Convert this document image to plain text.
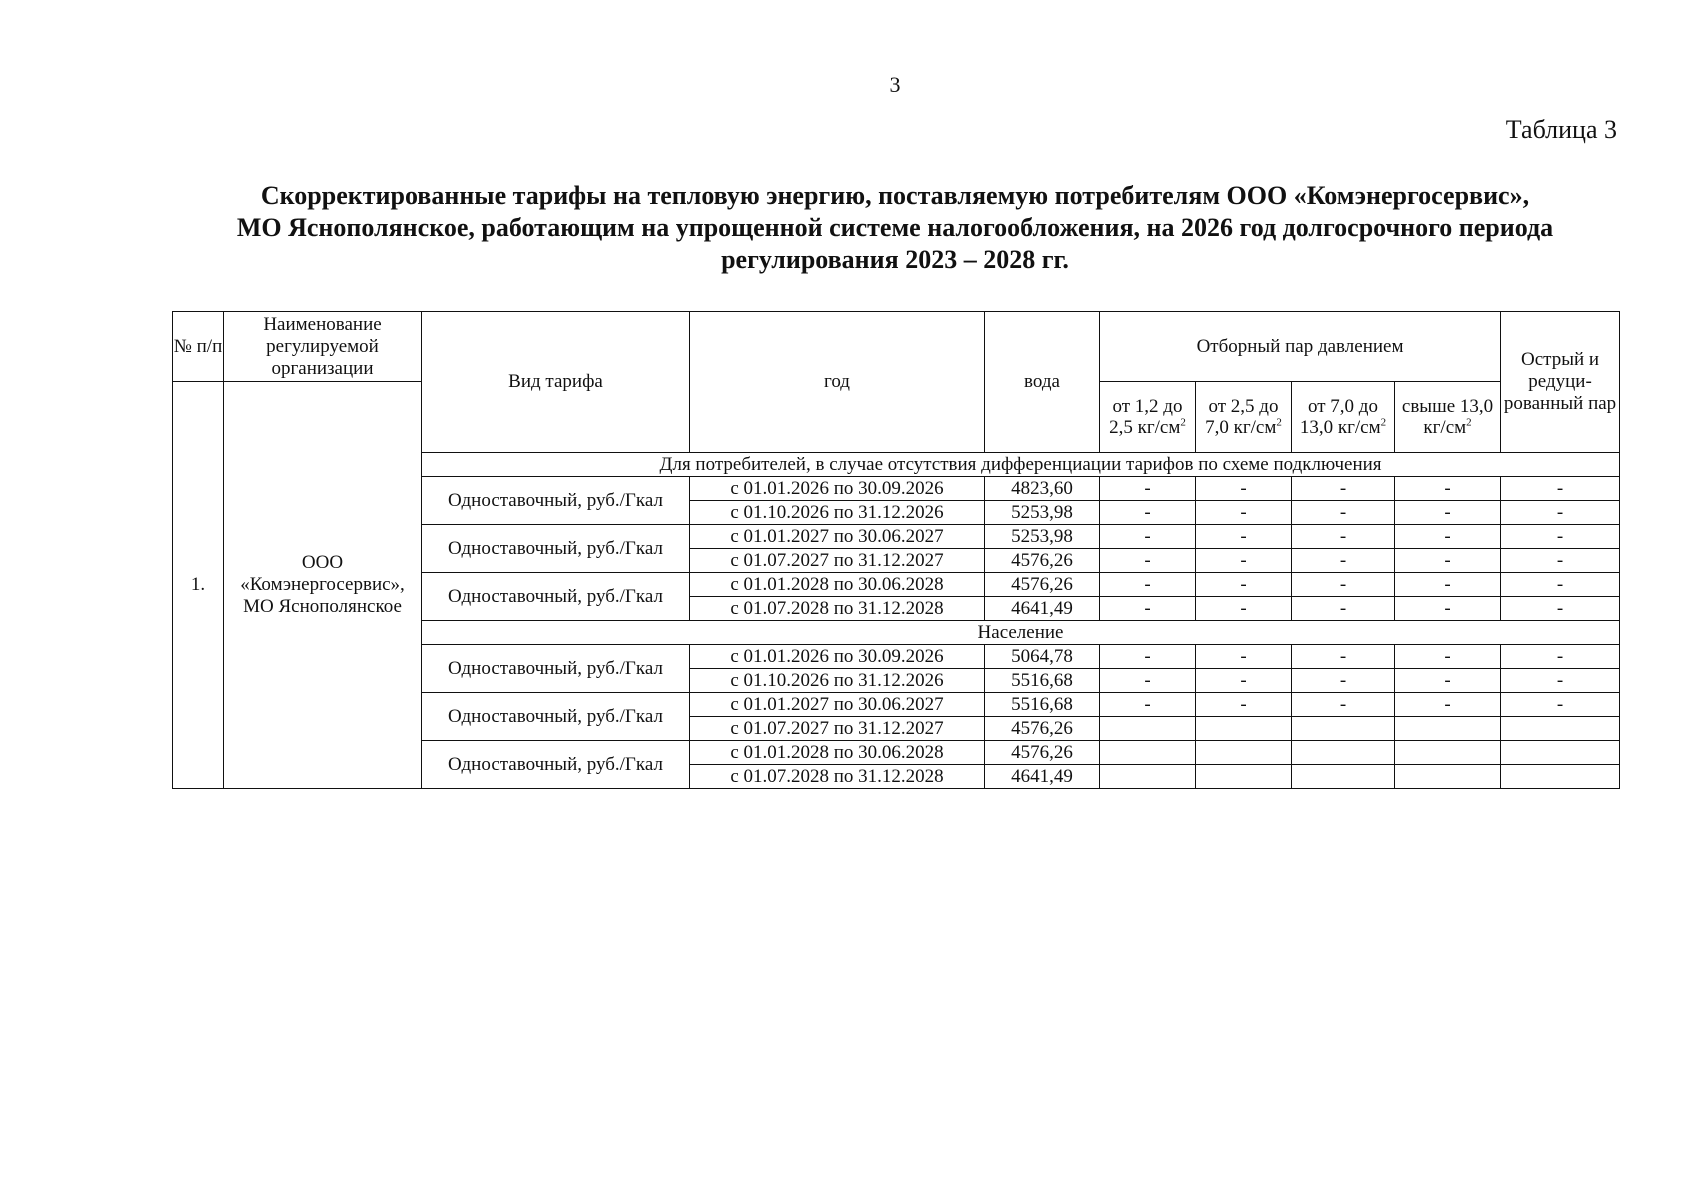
3
Таблица 3
Скорректированные тарифы на тепловую энергию, поставляемую потребителям ООО «Комэнергосервис»,
МО Яснополянское, работающим на упрощенной системе налогообложения, на 2026 год долгосрочного периода
регулирования 2023 – 2028 гг.
№ п/п	Наименование регулируемой организации	Вид тарифа	год	вода	Отборный пар давлением				Острый и редуци-рованный пар
1.	ООО «Комэнергосервис», МО Яснополянское				от 1,2 до 2,5 $кг/см^2$	от 2,5 до 7,0 $кг/см^2$	от 7,0 до 13,0 $кг/см^2$	свыше 13,0 $кг/см^2$
		Для потребителей, в случае отсутствия дифференциации тарифов по схеме подключения							
		Одноставочный, руб./Гкал	с 01.01.2026 по 30.09.2026	4823,60	-	-	-	-	-
			с 01.10.2026 по 31.12.2026	5253,98	-	-	-	-	-
		Одноставочный, руб./Гкал	с 01.01.2027 по 30.06.2027	5253,98	-	-	-	-	-
			с 01.07.2027 по 31.12.2027	4576,26	-	-	-	-	-
		Одноставочный, руб./Гкал	с 01.01.2028 по 30.06.2028	4576,26	-	-	-	-	-
			с 01.07.2028 по 31.12.2028	4641,49	-	-	-	-	-
		Население							
		Одноставочный, руб./Гкал	с 01.01.2026 по 30.09.2026	5064,78	-	-	-	-	-
			с 01.10.2026 по 31.12.2026	5516,68	-	-	-	-	-
		Одноставочный, руб./Гкал	с 01.01.2027 по 30.06.2027	5516,68	-	-	-	-	-
			с 01.07.2027 по 31.12.2027	4576,26					
		Одноставочный, руб./Гкал	с 01.01.2028 по 30.06.2028	4576,26					
			с 01.07.2028 по 31.12.2028	4641,49					
